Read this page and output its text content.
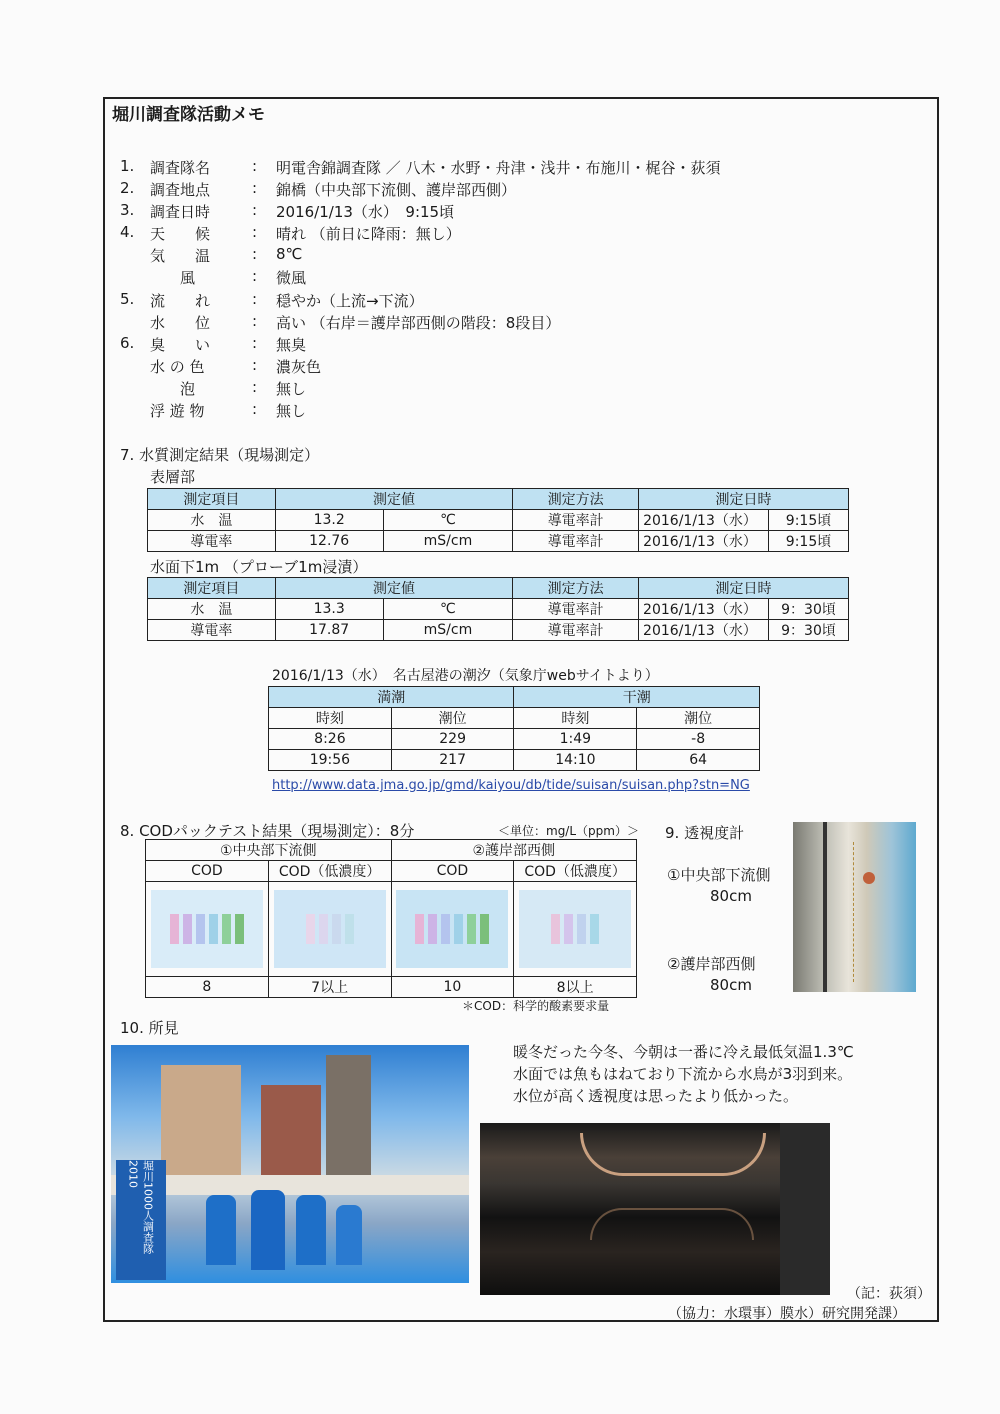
堀川調査隊活動メモ
1.	調査隊名	: 明電舎錦調査隊 ／ 八木・水野・舟津・浅井・布施川・梶谷・荻須
2.	調査地点	: 錦橋（中央部下流側、護岸部西側）
3.	調査日時	: 2016/1/13（水）　9:15頃
4.	天　　候	: 晴れ （前日に降雨：無し）
気　　温	: 8℃
　　風	: 微風
5.	流　　れ	: 穏やか（上流→下流）
水　　位	: 高い （右岸＝護岸部西側の階段：8段目）
6.	臭　　い	: 無臭
水 の 色	: 濃灰色
　　泡	: 無し
浮 遊 物	: 無し
7. 水質測定結果（現場測定）
表層部
測定項目	測定値		測定方法	測定日時	
水　温	13.2	℃	導電率計	2016/1/13（水）	9:15頃
導電率	12.76	mS/cm	導電率計	2016/1/13（水）	9:15頃
水面下1m （プローブ1m浸漬）
測定項目	測定値		測定方法	測定日時	
水　温	13.3	℃	導電率計	2016/1/13（水）	9：30頃
導電率	17.87	mS/cm	導電率計	2016/1/13（水）	9：30頃
2016/1/13（水）　名古屋港の潮汐（気象庁webサイトより）
満潮		干潮	
時刻	潮位	時刻	潮位
8:26	229	1:49	-8
19:56	217	14:10	64
http://www.data.jma.go.jp/gmd/kaiyou/db/tide/suisan/suisan.php?stn=NG
8. CODパックテスト結果（現場測定）：8分	＜単位：mg/L（ppm）＞
①中央部下流側		②護岸部西側	
COD	COD（低濃度）	COD	COD（低濃度）

8	7以上	10	8以上
＊COD：科学的酸素要求量
9. 透視度計
①中央部下流側
80cm
②護岸部西側
80cm
10. 所見
暖冬だった今冬、今朝は一番に冷え最低気温1.3℃
水面では魚もはねており下流から水鳥が3羽到来。
水位が高く透視度は思ったより低かった。
堀川1000人調査隊2010
（記：荻須）
（協力：水環事）膜水）研究開発課）
